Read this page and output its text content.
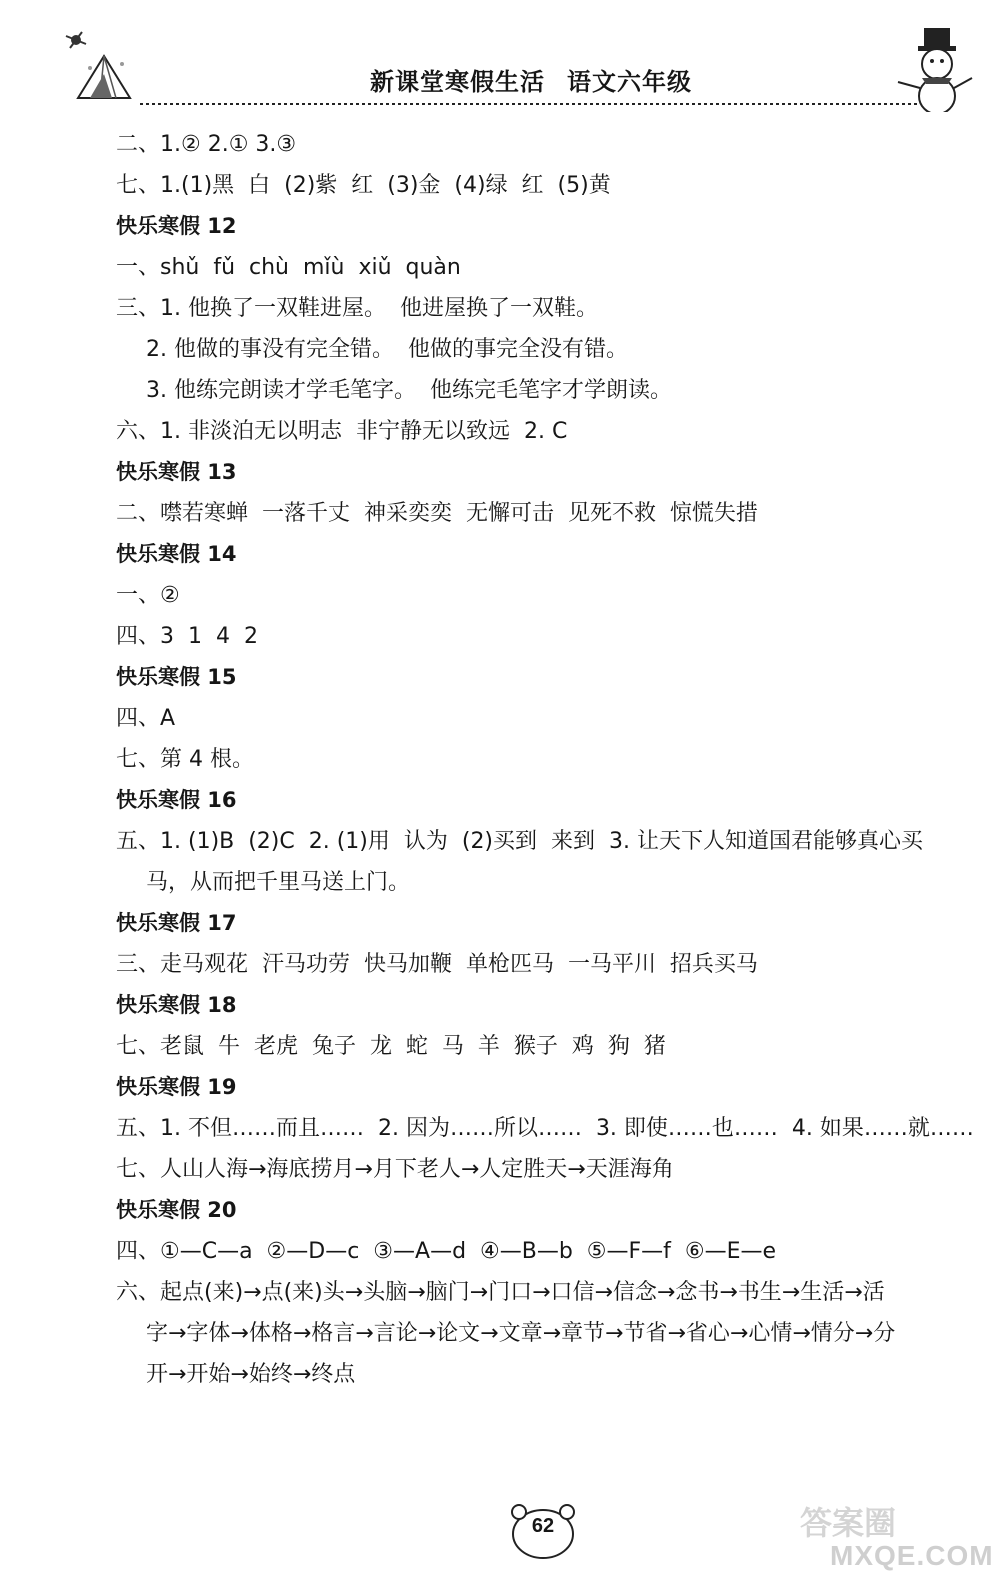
新课堂寒假生活 语文六年级
二、1.② 2.① 3.③
七、1.(1)黑  白  (2)紫  红  (3)金  (4)绿  红  (5)黄
快乐寒假 12
一、shǔ  fǔ  chù  mǐù  xiǔ  quàn
三、1. 他换了一双鞋进屋。  他进屋换了一双鞋。
2. 他做的事没有完全错。  他做的事完全没有错。
3. 他练完朗读才学毛笔字。  他练完毛笔字才学朗读。
六、1. 非淡泊无以明志  非宁静无以致远  2. C
快乐寒假 13
二、噤若寒蝉  一落千丈  神采奕奕  无懈可击  见死不救  惊慌失措
快乐寒假 14
一、②
四、3  1  4  2
快乐寒假 15
四、A
七、第 4 根。
快乐寒假 16
五、1. (1)B  (2)C  2. (1)用  认为  (2)买到  来到  3. 让天下人知道国君能够真心买
马，从而把千里马送上门。
快乐寒假 17
三、走马观花  汗马功劳  快马加鞭  单枪匹马  一马平川  招兵买马
快乐寒假 18
七、老鼠  牛  老虎  兔子  龙  蛇  马  羊  猴子  鸡  狗  猪
快乐寒假 19
五、1. 不但……而且……  2. 因为……所以……  3. 即使……也……  4. 如果……就……
七、人山人海→海底捞月→月下老人→人定胜天→天涯海角
快乐寒假 20
四、①—C—a  ②—D—c  ③—A—d  ④—B—b  ⑤—F—f  ⑥—E—e
六、起点(来)→点(来)头→头脑→脑门→门口→口信→信念→念书→书生→生活→活
字→字体→体格→格言→言论→论文→文章→章节→节省→省心→心情→情分→分
开→开始→始终→终点
62	答案圈
MXQE.COM
